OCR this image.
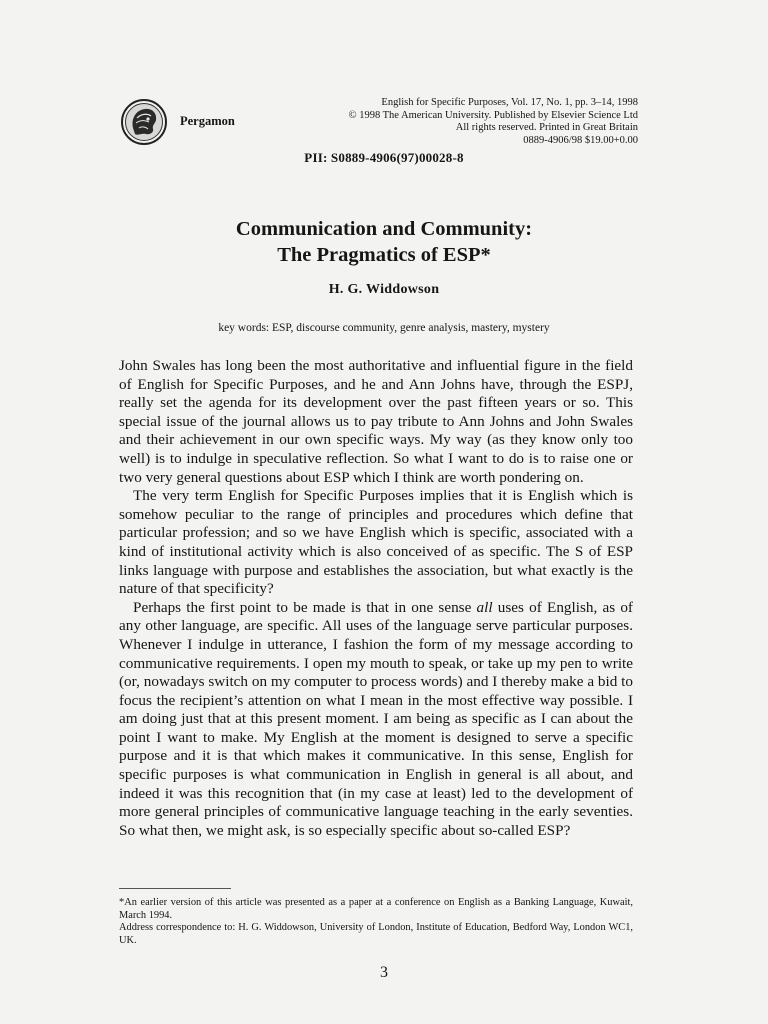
Pergamon
English for Specific Purposes, Vol. 17, No. 1, pp. 3–14, 1998
© 1998 The American University. Published by Elsevier Science Ltd
All rights reserved. Printed in Great Britain
0889-4906/98 $19.00+0.00
PII: S0889-4906(97)00028-8
Communication and Community:
The Pragmatics of ESP*
H. G. Widdowson
key words: ESP, discourse community, genre analysis, mastery, mystery

John Swales has long been the most authoritative and influential figure in the field of English for Specific Purposes, and he and Ann Johns have, through the ESPJ, really set the agenda for its development over the past fifteen years or so. This special issue of the journal allows us to pay tribute to Ann Johns and John Swales and their achievement in our own specific ways. My way (as they know only too well) is to indulge in speculative reflection. So what I want to do is to raise one or two very general questions about ESP which I think are worth pondering on.

The very term English for Specific Purposes implies that it is English which is somehow peculiar to the range of principles and procedures which define that particular profession; and so we have English which is specific, associated with a kind of institutional activity which is also conceived of as specific. The S of ESP links language with purpose and establishes the association, but what exactly is the nature of that specificity?

Perhaps the first point to be made is that in one sense all uses of English, as of any other language, are specific. All uses of the language serve particular purposes. Whenever I indulge in utterance, I fashion the form of my message according to communicative requirements. I open my mouth to speak, or take up my pen to write (or, nowadays switch on my computer to process words) and I thereby make a bid to focus the recipient’s attention on what I mean in the most effective way possible. I am doing just that at this present moment. I am being as specific as I can about the point I want to make. My English at the moment is designed to serve a specific purpose and it is that which makes it communicative. In this sense, English for specific purposes is what communication in English in general is all about, and indeed it was this recognition that (in my case at least) led to the development of more general principles of communicative language teaching in the early seventies. So what then, we might ask, is so especially specific about so-called ESP?

*An earlier version of this article was presented as a paper at a conference on English as a Banking Language, Kuwait, March 1994.

Address correspondence to: H. G. Widdowson, University of London, Institute of Education, Bedford Way, London WC1, UK.

3
